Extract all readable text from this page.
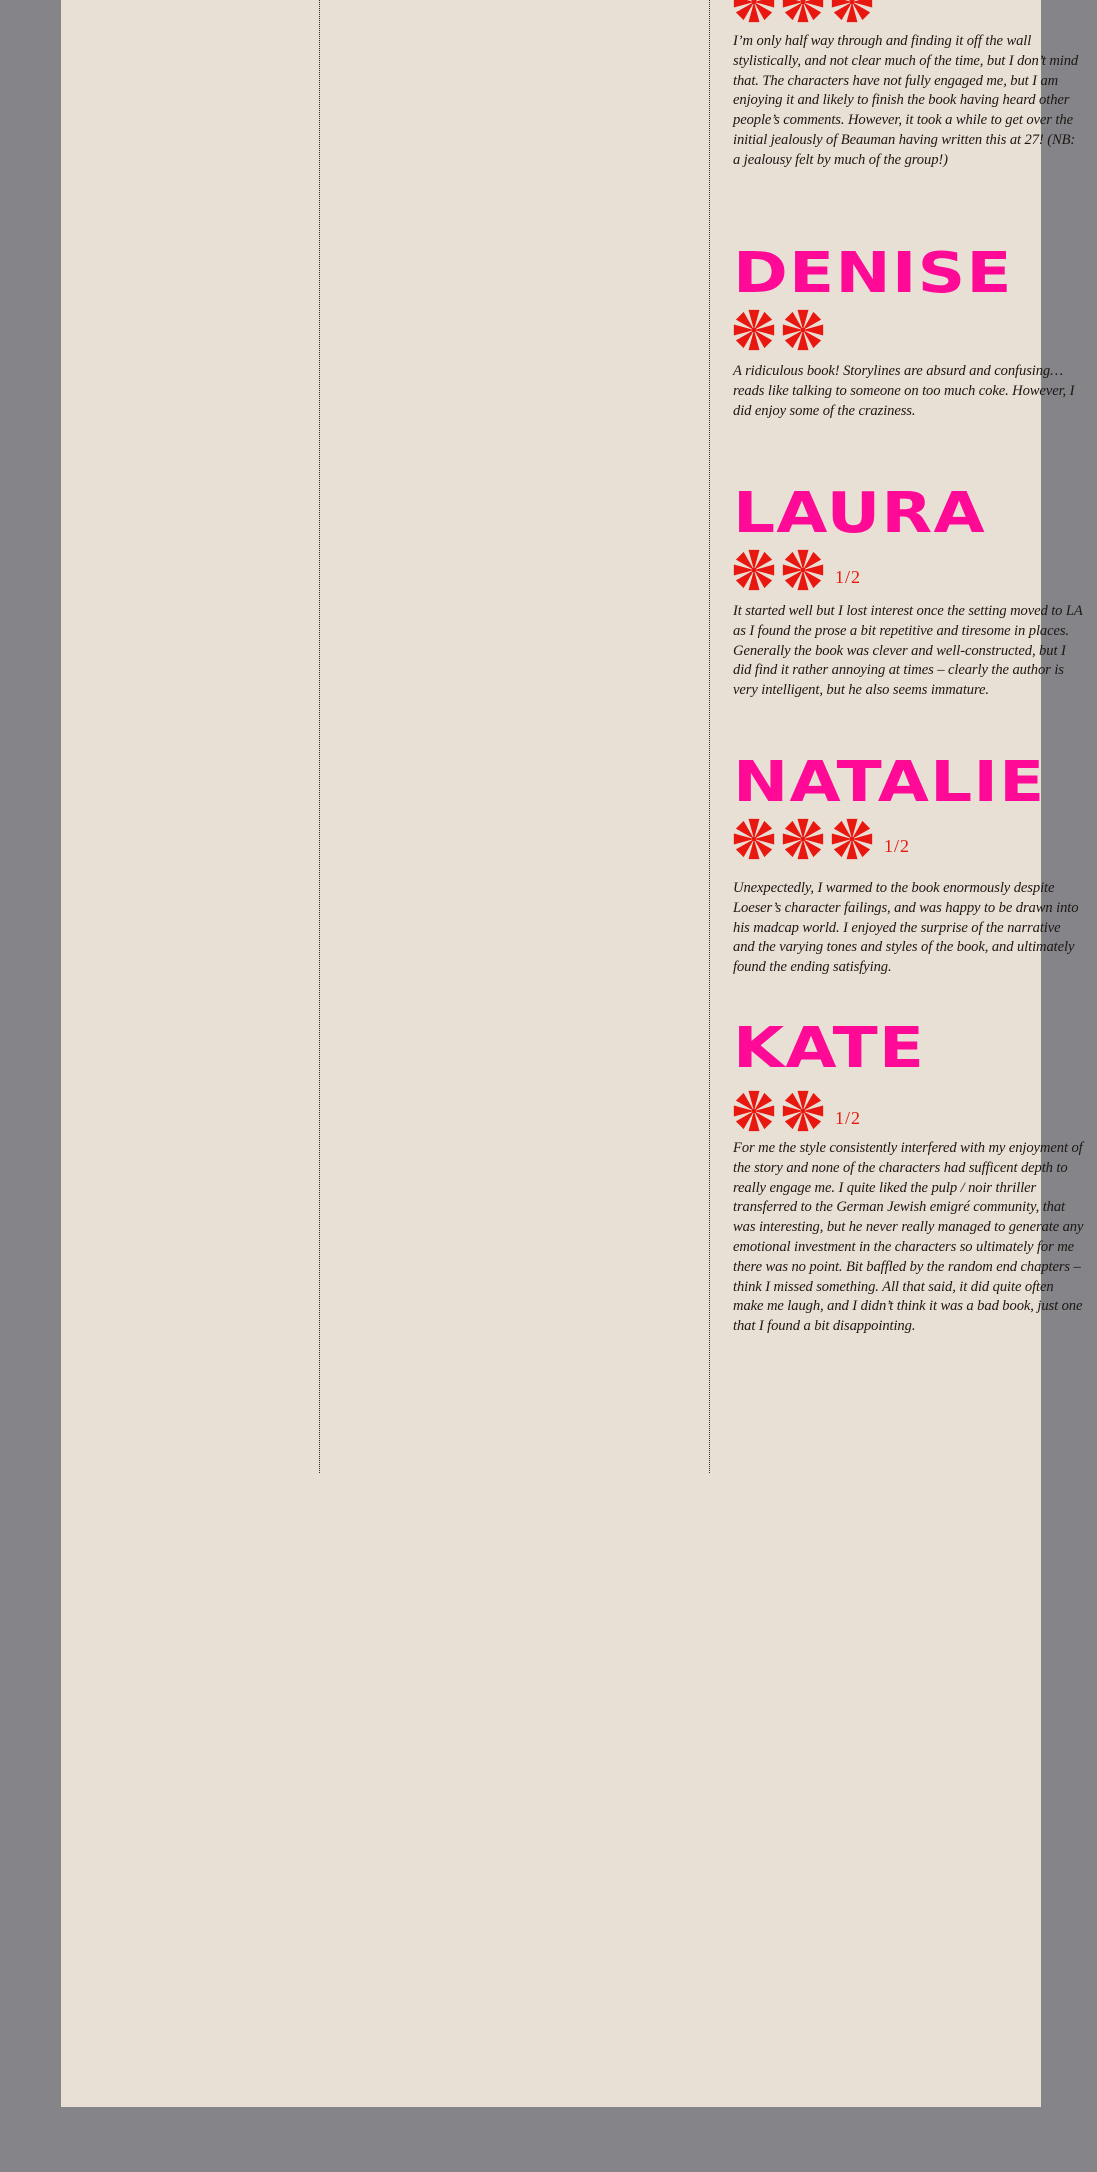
I’m only half way through and finding it off the wall stylistically, and not clear much of the time, but I don’t mind that. The characters have not fully engaged me, but I am enjoying it and likely to finish the book having heard other people’s comments. However, it took a while to get over the initial jealously of Beauman having written this at 27! (NB: a jealousy felt by much of the group!)

DENISE

A ridiculous book! Storylines are absurd and confusing… reads like talking to someone on too much coke. However, I did enjoy some of the craziness.

LAURA
1/2

It started well but I lost interest once the setting moved to LA as I found the prose a bit repetitive and tiresome in places. Generally the book was clever and well-constructed, but I did find it rather annoying at times – clearly the author is very intelligent, but he also seems immature.

NATALIE
1/2

Unexpectedly, I warmed to the book enormously despite Loeser’s character failings, and was happy to be drawn into his madcap world. I enjoyed the surprise of the narrative and the varying tones and styles of the book, and ultimately found the ending satisfying.

KATE
1/2

For me the style consistently interfered with my enjoyment of the story and none of the characters had sufficent depth to really engage me. I quite liked the pulp / noir thriller transferred to the German Jewish emigré community, that was interesting, but he never really managed to generate any emotional investment in the characters so ultimately for me there was no point. Bit baffled by the random end chapters – think I missed something. All that said, it did quite often make me laugh, and I didn’t think it was a bad book, just one that I found a bit disappointing.
